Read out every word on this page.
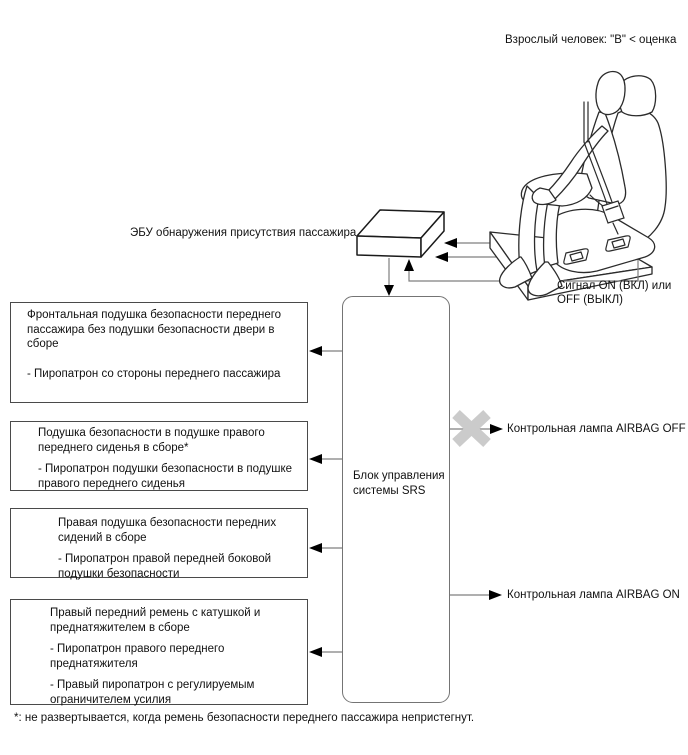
Взрослый человек: "В" < оценка
ЭБУ обнаружения присутствия пассажира
Сигнал ON (ВКЛ) или
OFF (ВЫКЛ)
Блок управления
системы SRS

Фронтальная подушка безопасности переднего пассажира без подушки безопасности двери в сборе

- Пиропатрон со стороны переднего пассажира

Подушка безопасности в подушке правого переднего сиденья в сборе*

- Пиропатрон подушки безопасности в подушке правого переднего сиденья

Правая подушка безопасности передних сидений в сборе

- Пиропатрон правой передней боковой подушки безопасности

Правый передний ремень с катушкой и преднатяжителем в сборе

- Пиропатрон правого переднего преднатяжителя

- Правый пиропатрон с регулируемым ограничителем усилия

Контрольная лампа AIRBAG OFF
Контрольная лампа AIRBAG ON
*: не развертывается, когда ремень безопасности переднего пассажира непристегнут.
